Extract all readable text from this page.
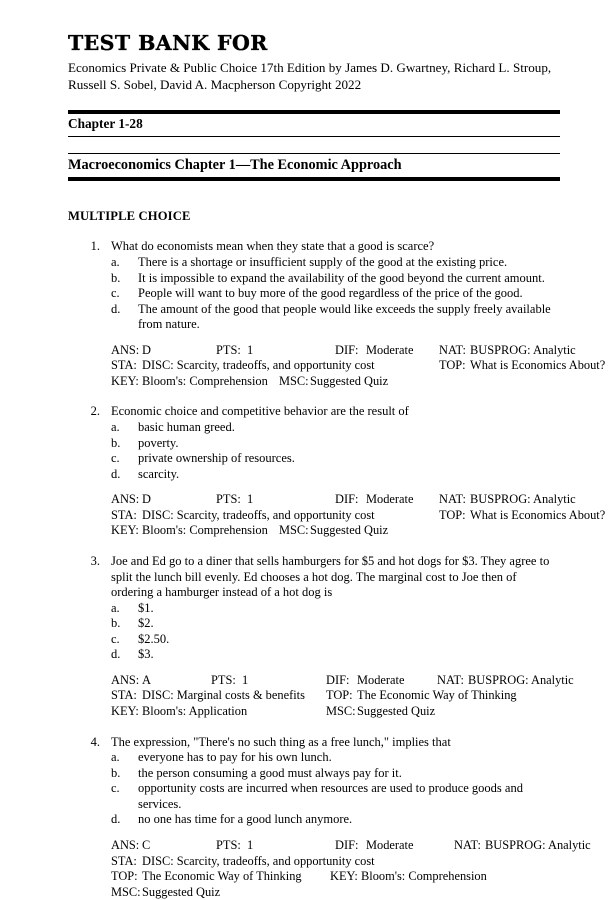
TEST BANK FOR

Economics Private & Public Choice 17th Edition by James D. Gwartney, Richard L. Stroup, Russell S. Sobel, David A. Macpherson Copyright 2022

Chapter 1-28
Macroeconomics Chapter 1—The Economic Approach
MULTIPLE CHOICE
1. What do economists mean when they state that a good is scarce?

a.	There is a shortage or insufficient supply of the good at the existing price.
b.	It is impossible to expand the availability of the good beyond the current amount.
c.	People will want to buy more of the good regardless of the price of the good.
d.	The amount of the good that people would like exceeds the supply freely available from nature.
ANS: D	PTS: 1	DIF: Moderate NAT: BUSPROG: Analytic
STA: DISC: Scarcity, tradeoffs, and opportunity cost	TOP: What is Economics About?
KEY: Bloom's: Comprehension MSC:Suggested Quiz
2. Economic choice and competitive behavior are the result of

a.	basic human greed.
b.	poverty.
c.	private ownership of resources.
d.	scarcity.
ANS: D	PTS: 1	DIF: Moderate NAT: BUSPROG: Analytic
STA: DISC: Scarcity, tradeoffs, and opportunity cost	TOP: What is Economics About?
KEY: Bloom's: Comprehension MSC:Suggested Quiz
3. Joe and Ed go to a diner that sells hamburgers for $5 and hot dogs for $3. They agree to split the lunch bill evenly. Ed chooses a hot dog. The marginal cost to Joe then of ordering a hamburger instead of a hot dog is

a.	$1.
b.	$2.
c.	$2.50.
d.	$3.
ANS: A	PTS: 1	DIF: Moderate	NAT: BUSPROG: Analytic
STA: DISC: Marginal costs & benefits TOP: The Economic Way of Thinking
KEY: Bloom's: Application	MSC:Suggested Quiz
4. The expression, "There's no such thing as a free lunch," implies that

a.	everyone has to pay for his own lunch.
b.	the person consuming a good must always pay for it.
c.	opportunity costs are incurred when resources are used to produce goods and services.
d.	no one has time for a good lunch anymore.
ANS: C	PTS: 1	DIF: Moderate	NAT: BUSPROG: Analytic
STA: DISC: Scarcity, tradeoffs, and opportunity cost
TOP: The Economic Way of Thinking KEY: Bloom's: Comprehension
MSC:Suggested Quiz
